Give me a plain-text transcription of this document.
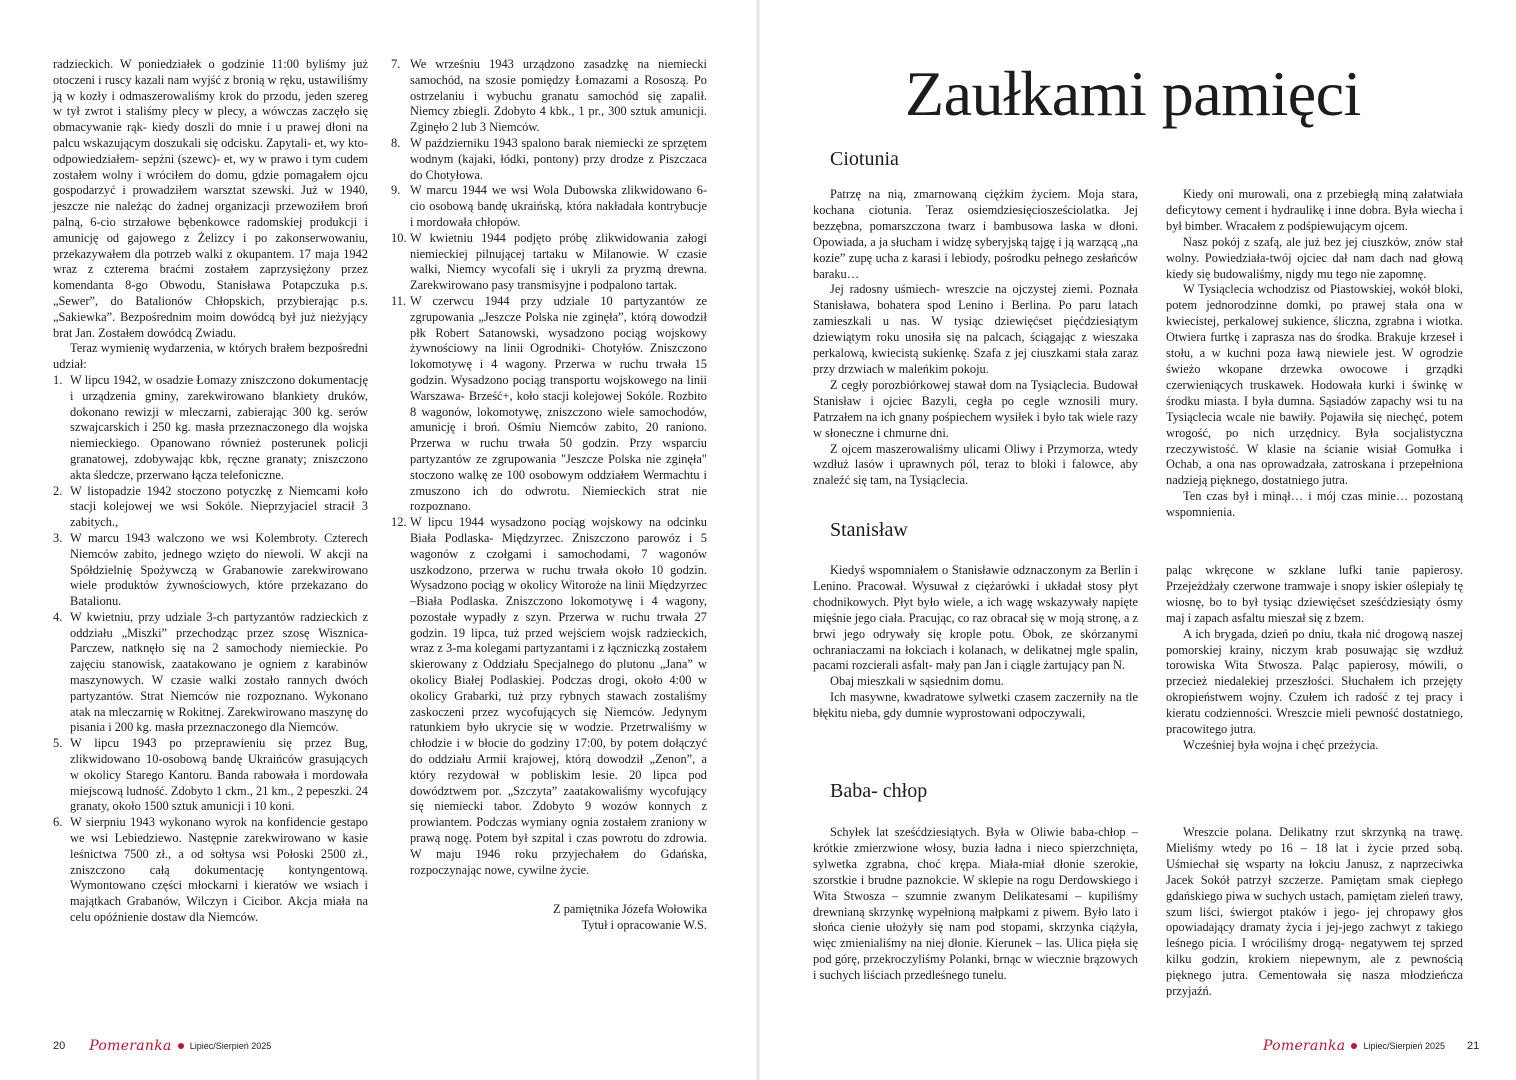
radzieckich. W poniedziałek o godzinie 11:00 byliśmy już otoczeni i ruscy kazali nam wyjść z bronią w ręku, ustawiliśmy ją w kozły i odmaszerowaliśmy krok do przodu, jeden szereg w tył zwrot i staliśmy plecy w plecy, a wówczas zaczęło się obmacywanie rąk- kiedy doszli do mnie i u prawej dłoni na palcu wskazującym doszukali się odcisku. Zapytali- et, wy kto- odpowiedziałem- sepżni (szewc)- et, wy w prawo i tym cudem zostałem wolny i wróciłem do domu, gdzie pomagałem ojcu gospodarzyć i prowadziłem warsztat szewski. Już w 1940, jeszcze nie należąc do żadnej organizacji przewoziłem broń palną, 6-cio strzałowe bębenkowce radomskiej produkcji i amunicję od gajowego z Żelizcy i po zakonserwowaniu, przekazywałem dla potrzeb walki z okupantem. 17 maja 1942 wraz z czterema braćmi zostałem zaprzysiężony przez komendanta 8-go Obwodu, Stanisława Potapczuka p.s. „Sewer”, do Batalionów Chłopskich, przybierając p.s. „Sakiewka”. Bezpośrednim moim dowódcą był już nieżyjący brat Jan. Zostałem dowódcą Zwiadu.

Teraz wymienię wydarzenia, w których brałem bezpośredni udział:

1. W lipcu 1942, w osadzie Łomazy zniszczono dokumentację i urządzenia gminy, zarekwirowano blankiety druków, dokonano rewizji w mleczarni, zabierając 300 kg. serów szwajcarskich i 250 kg. masła przeznaczonego dla wojska niemieckiego. Opanowano również posterunek policji granatowej, zdobywając kbk, ręczne granaty; zniszczono akta śledcze, przerwano łącza telefoniczne.
2. W listopadzie 1942 stoczono potyczkę z Niemcami koło stacji kolejowej we wsi Sokóle. Nieprzyjaciel stracił 3 zabitych.,
3. W marcu 1943 walczono we wsi Kolembroty. Czterech Niemców zabito, jednego wzięto do niewoli. W akcji na Spółdzielnię Spożywczą w Grabanowie zarekwirowano wiele produktów żywnościowych, które przekazano do Batalionu.
4. W kwietniu, przy udziale 3-ch partyzantów radzieckich z oddziału „Miszki” przechodząc przez szosę Wisznica-Parczew, natknęło się na 2 samochody niemieckie. Po zajęciu stanowisk, zaatakowano je ogniem z karabinów maszynowych. W czasie walki zostało rannych dwóch partyzantów. Strat Niemców nie rozpoznano. Wykonano atak na mleczarnię w Rokitnej. Zarekwirowano maszynę do pisania i 200 kg. masła przeznaczonego dla Niemców.
5. W lipcu 1943 po przeprawieniu się przez Bug, zlikwidowano 10-osobową bandę Ukraińców grasujących w okolicy Starego Kantoru. Banda rabowała i mordowała miejscową ludność. Zdobyto 1 ckm., 21 km., 2 pepeszki. 24 granaty, około 1500 sztuk amunicji i 10 koni.
6. W sierpniu 1943 wykonano wyrok na konfidencie gestapo we wsi Lebiedziewo. Następnie zarekwirowano w kasie leśnictwa 7500 zł., a od sołtysa wsi Połoski 2500 zł., zniszczono całą dokumentację kontyngentową. Wymontowano części młockarni i kieratów we wsiach i majątkach Grabanów, Wilczyn i Cicibor. Akcja miała na celu opóźnienie dostaw dla Niemców.
7. We wrześniu 1943 urządzono zasadzkę na niemiecki samochód, na szosie pomiędzy Łomazami a Rososzą. Po ostrzelaniu i wybuchu granatu samochód się zapalił. Niemcy zbiegli. Zdobyto 4 kbk., 1 pr., 300 sztuk amunicji. Zginęło 2 lub 3 Niemców.
8. W październiku 1943 spalono barak niemiecki ze sprzętem wodnym (kajaki, łódki, pontony) przy drodze z Piszczaca do Chotyłowa.
9. W marcu 1944 we wsi Wola Dubowska zlikwidowano 6-cio osobową bandę ukraińską, która nakładała kontrybucje i mordowała chłopów.
10. W kwietniu 1944 podjęto próbę zlikwidowania załogi niemieckiej pilnującej tartaku w Milanowie. W czasie walki, Niemcy wycofali się i ukryli za pryzmą drewna. Zarekwirowano pasy transmisyjne i podpalono tartak.
11. W czerwcu 1944 przy udziale 10 partyzantów ze zgrupowania „Jeszcze Polska nie zginęła”, którą dowodził płk Robert Satanowski, wysadzono pociąg wojskowy żywnościowy na linii Ogrodniki- Chotyłów. Zniszczono lokomotywę i 4 wagony. Przerwa w ruchu trwała 15 godzin. Wysadzono pociąg transportu wojskowego na linii Warszawa- Brześć+, koło stacji kolejowej Sokóle. Rozbito 8 wagonów, lokomotywę, zniszczono wiele samochodów, amunicję i broń. Ośmiu Niemców zabito, 20 raniono. Przerwa w ruchu trwała 50 godzin. Przy wsparciu partyzantów ze zgrupowania "Jeszcze Polska nie zginęła" stoczono walkę ze 100 osobowym oddziałem Wermachtu i zmuszono ich do odwrotu. Niemieckich strat nie rozpoznano.
12. W lipcu 1944 wysadzono pociąg wojskowy na odcinku Biała Podlaska- Międzyrzec. Zniszczono parowóz i 5 wagonów z czołgami i samochodami, 7 wagonów uszkodzono, przerwa w ruchu trwała około 10 godzin. Wysadzono pociąg w okolicy Witoroże na linii Międzyrzec –Biała Podlaska. Zniszczono lokomotywę i 4 wagony, pozostałe wypadły z szyn. Przerwa w ruchu trwała 27 godzin. 19 lipca, tuż przed wejściem wojsk radzieckich, wraz z 3-ma kolegami partyzantami i z łączniczką zostałem skierowany z Oddziału Specjalnego do plutonu „Jana” w okolicy Białej Podlaskiej. Podczas drogi, około 4:00 w okolicy Grabarki, tuż przy rybnych stawach zostaliśmy zaskoczeni przez wycofujących się Niemców. Jedynym ratunkiem było ukrycie się w wodzie. Przetrwaliśmy w chłodzie i w błocie do godziny 17:00, by potem dołączyć do oddziału Armii krajowej, którą dowodził „Zenon”, a który rezydował w pobliskim lesie. 20 lipca pod dowództwem por. „Szczyta” zaatakowaliśmy wycofujący się niemiecki tabor. Zdobyto 9 wozów konnych z prowiantem. Podczas wymiany ognia zostałem zraniony w prawą nogę. Potem był szpital i czas powrotu do zdrowia. W maju 1946 roku przyjechałem do Gdańska, rozpoczynając nowe, cywilne życie.
Z pamiętnika Józefa Wołowika
Tytuł i opracowanie W.S.
20 Pomeranka Lipiec/Sierpień 2025
Zaułkami pamięci
Ciotunia

Patrzę na nią, zmarnowaną ciężkim życiem. Moja stara, kochana ciotunia. Teraz osiemdziesięciosześciolatka. Jej bezzębna, pomarszczona twarz i bambusowa laska w dłoni. Opowiada, a ja słucham i widzę syberyjską tajgę i ją warzącą „na kozie” zupę ucha z karasi i lebiody, pośrodku pełnego zesłańców baraku…

Jej radosny uśmiech- wreszcie na ojczystej ziemi. Poznała Stanisława, bohatera spod Lenino i Berlina. Po paru latach zamieszkali u nas. W tysiąc dziewięćset pięćdziesiątym dziewiątym roku unosiła się na palcach, ściągając z wieszaka perkalową, kwiecistą sukienkę. Szafa z jej ciuszkami stała zaraz przy drzwiach w maleńkim pokoju.

Z cegły porozbiórkowej stawał dom na Tysiąclecia. Budował Stanisław i ojciec Bazyli, cegła po cegle wznosili mury. Patrzałem na ich gnany pośpiechem wysiłek i było tak wiele razy w słoneczne i chmurne dni.

Z ojcem maszerowaliśmy ulicami Oliwy i Przymorza, wtedy wzdłuż lasów i uprawnych pól, teraz to bloki i falowce, aby znaleźć się tam, na Tysiąclecia.

Kiedy oni murowali, ona z przebiegłą miną załatwiała deficytowy cement i hydraulikę i inne dobra. Była wiecha i był bimber. Wracałem z podśpiewującym ojcem.

Nasz pokój z szafą, ale już bez jej ciuszków, znów stał wolny. Powiedziała-twój ojciec dał nam dach nad głową kiedy się budowaliśmy, nigdy mu tego nie zapomnę.

W Tysiąclecia wchodzisz od Piastowskiej, wokół bloki, potem jednorodzinne domki, po prawej stała ona w kwiecistej, perkalowej sukience, śliczna, zgrabna i wiotka. Otwiera furtkę i zaprasza nas do środka. Brakuje krzeseł i stołu, a w kuchni poza ławą niewiele jest. W ogrodzie świeżo wkopane drzewka owocowe i grządki czerwieniących truskawek. Hodowała kurki i świnkę w środku miasta. I była dumna. Sąsiadów zapachy wsi tu na Tysiąclecia wcale nie bawiły. Pojawiła się niechęć, potem wrogość, po nich urzędnicy. Była socjalistyczna rzeczywistość. W klasie na ścianie wisiał Gomułka i Ochab, a ona nas oprowadzała, zatroskana i przepełniona nadzieją pięknego, dostatniego jutra.

Ten czas był i minął… i mój czas minie… pozostaną wspomnienia.

Stanisław

Kiedyś wspomniałem o Stanisławie odznaczonym za Berlin i Lenino. Pracował. Wysuwał z ciężarówki i układał stosy płyt chodnikowych. Płyt było wiele, a ich wagę wskazywały napięte mięśnie jego ciała. Pracując, co raz obracał się w moją stronę, a z brwi jego odrywały się krople potu. Obok, ze skórzanymi ochraniaczami na łokciach i kolanach, w delikatnej mgle spalin, pacami rozcierali asfalt- mały pan Jan i ciągle żartujący pan N.

Obaj mieszkali w sąsiednim domu.

Ich masywne, kwadratowe sylwetki czasem zaczerniły na tle błękitu nieba, gdy dumnie wyprostowani odpoczywali,

paląc wkręcone w szklane lufki tanie papierosy. Przejeżdżały czerwone tramwaje i snopy iskier oślepiały tę wiosnę, bo to był tysiąc dziewięćset sześćdziesiąty ósmy maj i zapach asfaltu mieszał się z bzem.

A ich brygada, dzień po dniu, tkała nić drogową naszej pomorskiej krainy, niczym krab posuwając się wzdłuż torowiska Wita Stwosza. Paląc papierosy, mówili, o przecież niedalekiej przeszłości. Słuchałem ich przejęty okropieństwem wojny. Czułem ich radość z tej pracy i kieratu codzienności. Wreszcie mieli pewność dostatniego, pracowitego jutra.

Wcześniej była wojna i chęć przeżycia.

Baba- chłop

Schyłek lat sześćdziesiątych. Była w Oliwie baba-chłop – krótkie zmierzwione włosy, buzia ładna i nieco spierzchnięta, sylwetka zgrabna, choć krępa. Miała-miał dłonie szerokie, szorstkie i brudne paznokcie. W sklepie na rogu Derdowskiego i Wita Stwosza – szumnie zwanym Delikatesami – kupiliśmy drewnianą skrzynkę wypełnioną małpkami z piwem. Było lato i słońca cienie ułożyły się nam pod stopami, skrzynka ciążyła, więc zmienialiśmy na niej dłonie. Kierunek – las. Ulica pięła się pod górę, przekroczyliśmy Polanki, brnąc w wiecznie brązowych i suchych liściach przedleśnego tunelu.

Wreszcie polana. Delikatny rzut skrzynką na trawę. Mieliśmy wtedy po 16 – 18 lat i życie przed sobą. Uśmiechał się wsparty na łokciu Janusz, z naprzeciwka Jacek Sokół patrzył szczerze. Pamiętam smak ciepłego gdańskiego piwa w suchych ustach, pamiętam zieleń trawy, szum liści, świergot ptaków i jego- jej chropawy głos opowiadający dramaty życia i jej-jego zachwyt z takiego leśnego picia. I wróciliśmy drogą- negatywem tej sprzed kilku godzin, krokiem niepewnym, ale z pewnością pięknego jutra. Cementowała się nasza młodzieńcza przyjaźń.

Pomeranka Lipiec/Sierpień 2025 21
